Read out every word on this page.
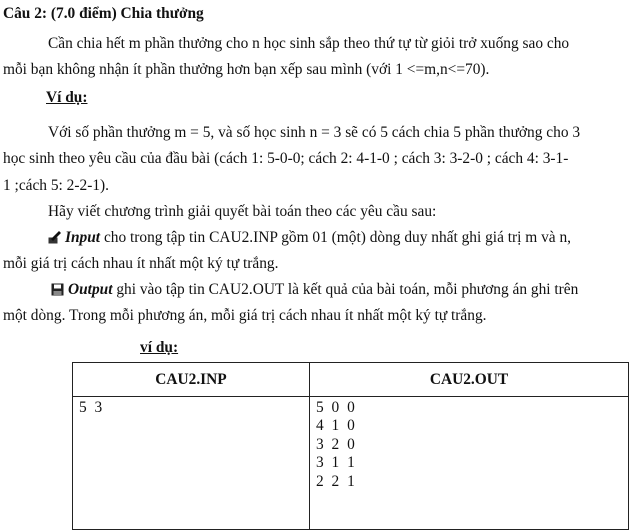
Câu 2: (7.0 điểm) Chia thưởng
Cần chia hết m phần thưởng cho n học sinh sắp theo thứ tự từ giỏi trở xuống sao cho
mỗi bạn không nhận ít phần thưởng hơn bạn xếp sau mình (với 1 <=m,n<=70).
Ví dụ:
Với số phần thưởng m = 5, và số học sinh n = 3 sẽ có 5 cách chia 5 phần thưởng cho 3
học sinh theo yêu cầu của đầu bài (cách 1: 5-0-0; cách 2: 4-1-0 ; cách 3: 3-2-0 ; cách 4: 3-1-
1 ;cách 5: 2-2-1).
Hãy viết chương trình giải quyết bài toán theo các yêu cầu sau:
Input cho trong tập tin CAU2.INP gồm 01 (một) dòng duy nhất ghi giá trị m và n,
mỗi giá trị cách nhau ít nhất một ký tự trắng.
Output ghi vào tập tin CAU2.OUT là kết quả của bài toán, mỗi phương án ghi trên
một dòng. Trong mỗi phương án, mỗi giá trị cách nhau ít nhất một ký tự trắng.
ví dụ:
CAU2.INP	CAU2.OUT

5 3	5 0 0
4 1 0
3 2 0
3 1 1
2 2 1
